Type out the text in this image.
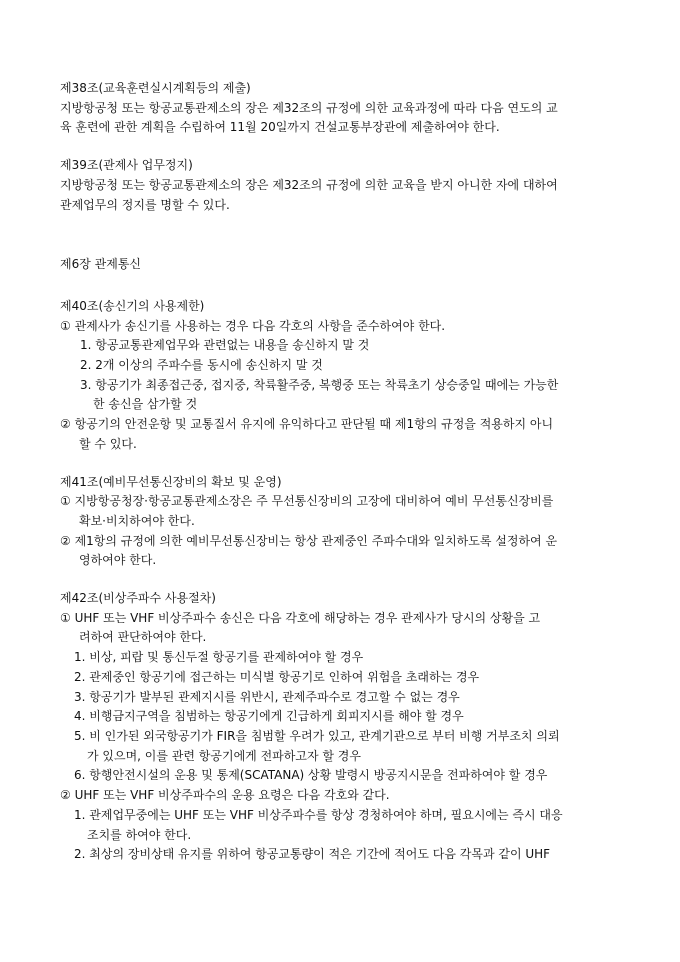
제38조(교육훈련실시계획등의 제출)
지방항공청 또는 항공교통관제소의 장은 제32조의 규정에 의한 교육과정에 따라 다음 연도의 교
육 훈련에 관한 계획을 수립하여 11월 20일까지 건설교통부장관에 제출하여야 한다.
제39조(관제사 업무정지)
지방항공청 또는 항공교통관제소의 장은 제32조의 규정에 의한 교육을 받지 아니한 자에 대하여
관제업무의 정지를 명할 수 있다.
제6장 관제통신
제40조(송신기의 사용제한)
① 관제사가 송신기를 사용하는 경우 다음 각호의 사항을 준수하여야 한다.
1. 항공교통관제업무와 관련없는 내용을 송신하지 말 것
2. 2개 이상의 주파수를 동시에 송신하지 말 것
3. 항공기가 최종접근중, 접지중, 착륙활주중, 복행중 또는 착륙초기 상승중일 때에는 가능한
한 송신을 삼가할 것
② 항공기의 안전운항 및 교통질서 유지에 유익하다고 판단될 때 제1항의 규정을 적용하지 아니
할 수 있다.
제41조(예비무선통신장비의 확보 및 운영)
① 지방항공청장·항공교통관제소장은 주 무선통신장비의 고장에 대비하여 예비 무선통신장비를
확보·비치하여야 한다.
② 제1항의 규정에 의한 예비무선통신장비는 항상 관제중인 주파수대와 일치하도록 설정하여 운
영하여야 한다.
제42조(비상주파수 사용절차)
① UHF 또는 VHF 비상주파수 송신은 다음 각호에 해당하는 경우 관제사가 당시의 상황을 고
려하여 판단하여야 한다.
1. 비상, 피랍 및 통신두절 항공기를 관제하여야 할 경우
2. 관제중인 항공기에 접근하는 미식별 항공기로 인하여 위험을 초래하는 경우
3. 항공기가 발부된 관제지시를 위반시, 관제주파수로 경고할 수 없는 경우
4. 비행금지구역을 침범하는 항공기에게 긴급하게 회피지시를 해야 할 경우
5. 비 인가된 외국항공기가 FIR을 침범할 우려가 있고, 관계기관으로 부터 비행 거부조치 의뢰
가 있으며, 이를 관련 항공기에게 전파하고자 할 경우
6. 항행안전시설의 운용 및 통제(SCATANA) 상황 발령시 방공지시문을 전파하여야 할 경우
② UHF 또는 VHF 비상주파수의 운용 요령은 다음 각호와 같다.
1. 관제업무중에는 UHF 또는 VHF 비상주파수를 항상 경청하여야 하며, 필요시에는 즉시 대응
조치를 하여야 한다.
2. 최상의 장비상태 유지를 위하여 항공교통량이 적은 기간에 적어도 다음 각목과 같이 UHF
